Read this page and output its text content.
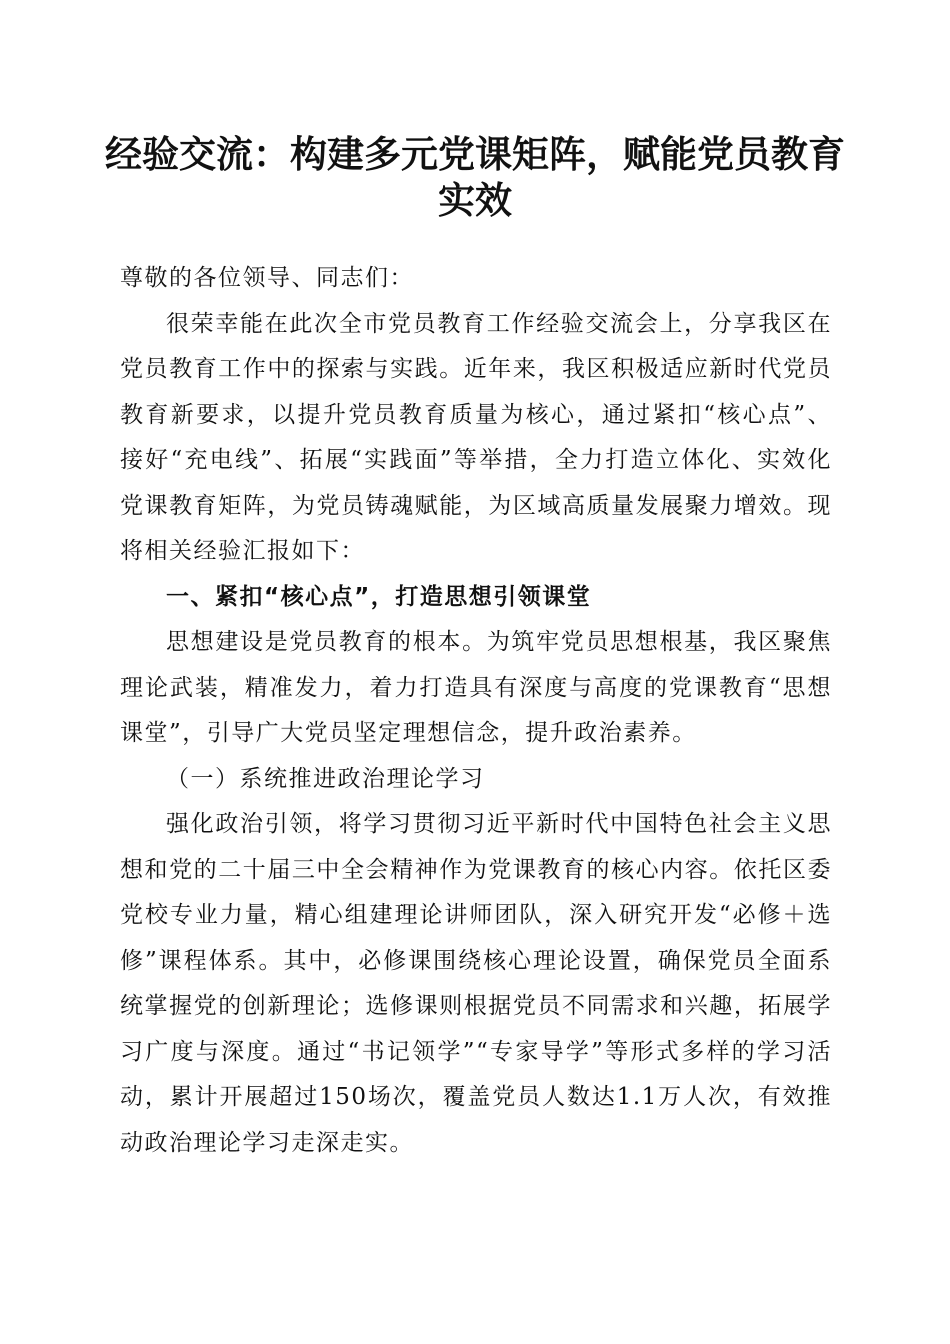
经验交流：构建多元党课矩阵，赋能党员教育
实效

尊敬的各位领导、同志们：

很荣幸能在此次全市党员教育工作经验交流会上，分享我区在党员教育工作中的探索与实践。近年来，我区积极适应新时代党员教育新要求，以提升党员教育质量为核心，通过紧扣“核心点”、接好“充电线”、拓展“实践面”等举措，全力打造立体化、实效化党课教育矩阵，为党员铸魂赋能，为区域高质量发展聚力增效。现将相关经验汇报如下：

一、紧扣“核心点”，打造思想引领课堂

思想建设是党员教育的根本。为筑牢党员思想根基，我区聚焦理论武装，精准发力，着力打造具有深度与高度的党课教育“思想课堂”，引导广大党员坚定理想信念，提升政治素养。

（一）系统推进政治理论学习

强化政治引领，将学习贯彻习近平新时代中国特色社会主义思想和党的二十届三中全会精神作为党课教育的核心内容。依托区委党校专业力量，精心组建理论讲师团队，深入研究开发“必修＋选修”课程体系。其中，必修课围绕核心理论设置，确保党员全面系统掌握党的创新理论；选修课则根据党员不同需求和兴趣，拓展学习广度与深度。通过“书记领学”“专家导学”等形式多样的学习活动，累计开展超过150场次，覆盖党员人数达1.1万人次，有效推动政治理论学习走深走实。
